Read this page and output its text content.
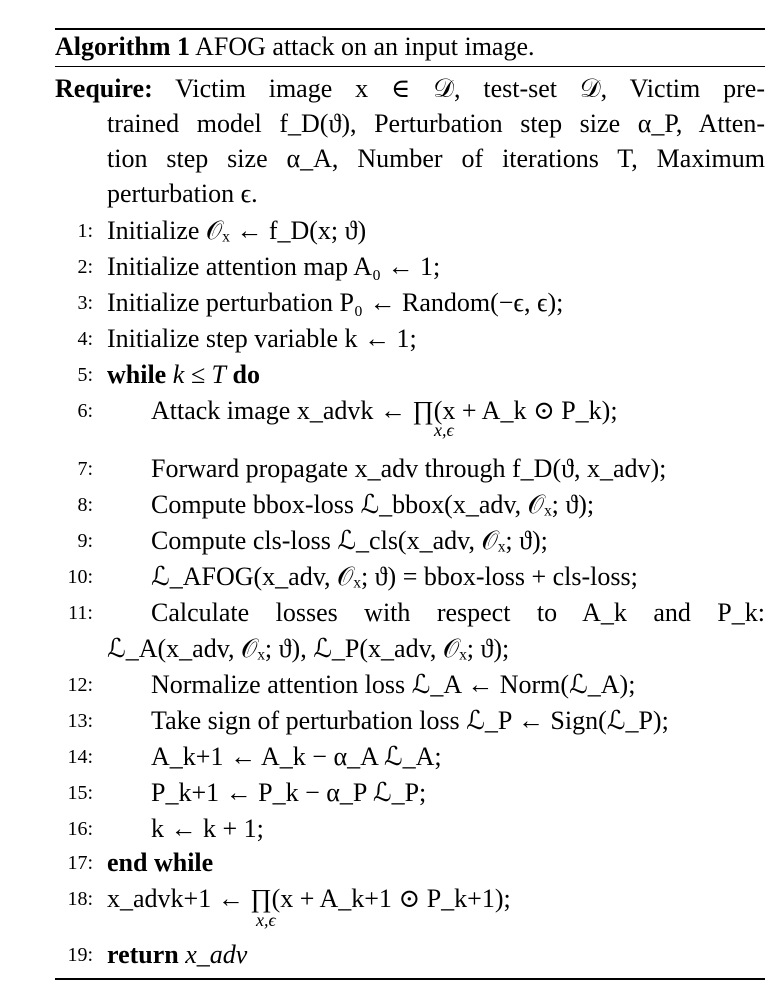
Algorithm 1 AFOG attack on an input image.
Require: Victim image x ∈ 𝒟, test-set 𝒟, Victim pre-
trained model f_D(ϑ), Perturbation step size α_P, Atten-
tion step size α_A, Number of iterations T, Maximum
perturbation ϵ.
1: Initialize 𝒪ₓ ← f_D(x; ϑ)
2: Initialize attention map A₀ ← 1;
3: Initialize perturbation P₀ ← Random(−ϵ, ϵ);
4: Initialize step variable k ← 1;
5: while k ≤ T do
6: Attack image x_advk ← ∏(x + A_k ⊙ P_k);
x,ϵ
7: Forward propagate x_adv through f_D(ϑ, x_adv);
8: Compute bbox-loss ℒ_bbox(x_adv, 𝒪ₓ; ϑ);
9: Compute cls-loss ℒ_cls(x_adv, 𝒪ₓ; ϑ);
10: ℒ_AFOG(x_adv, 𝒪ₓ; ϑ) = bbox-loss + cls-loss;
11: Calculate losses with respect to A_k and P_k:
ℒ_A(x_adv, 𝒪ₓ; ϑ), ℒ_P(x_adv, 𝒪ₓ; ϑ);
12: Normalize attention loss ℒ_A ← Norm(ℒ_A);
13: Take sign of perturbation loss ℒ_P ← Sign(ℒ_P);
14: A_k+1 ← A_k − α_A ℒ_A;
15: P_k+1 ← P_k − α_P ℒ_P;
16: k ← k + 1;
17: end while
18: x_advk+1 ← ∏(x + A_k+1 ⊙ P_k+1);
x,ϵ
19: return x_adv
